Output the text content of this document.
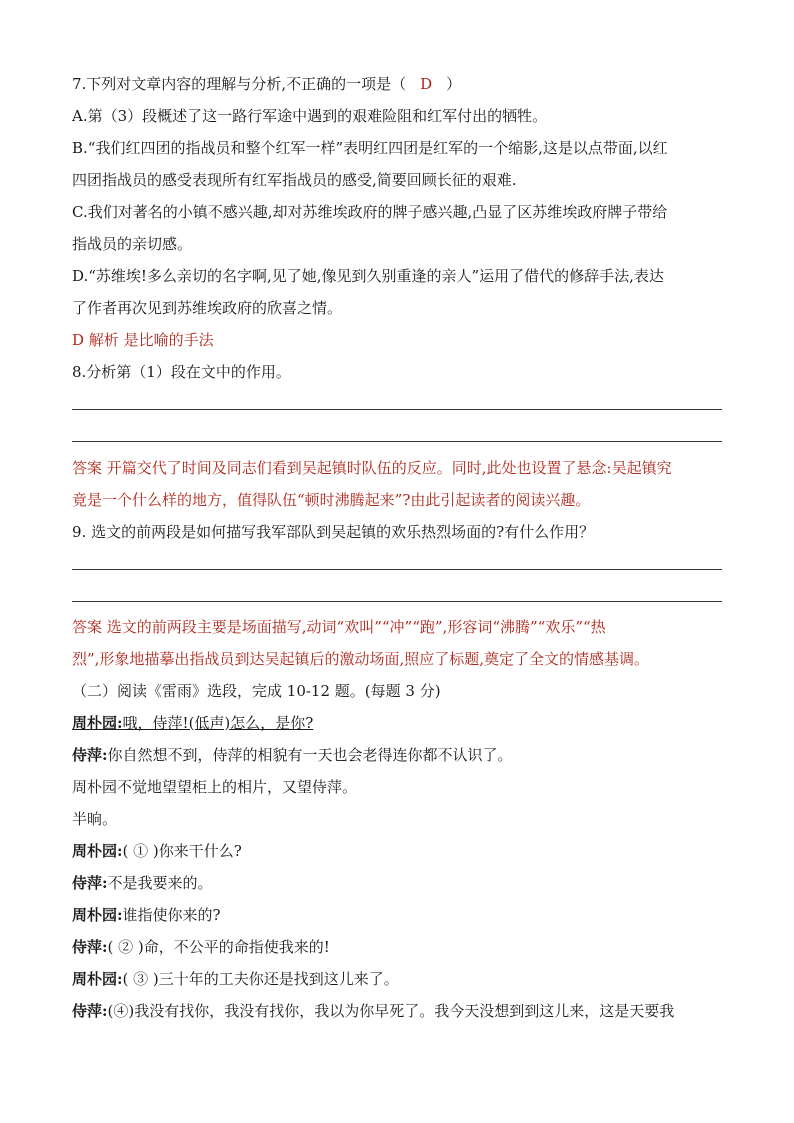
7.下列对文章内容的理解与分析,不正确的一项是（ D ）
A.第（3）段概述了这一路行军途中遇到的艰难险阻和红军付出的牺牲。
B.“我们红四团的指战员和整个红军一样”表明红四团是红军的一个缩影,这是以点带面,以红
四团指战员的感受表现所有红军指战员的感受,简要回顾长征的艰难.
C.我们对著名的小镇不感兴趣,却对苏维埃政府的牌子感兴趣,凸显了区苏维埃政府牌子带给
指战员的亲切感。
D.“苏维埃!多么亲切的名字啊,见了她,像见到久别重逢的亲人”运用了借代的修辞手法,表达
了作者再次见到苏维埃政府的欣喜之情。
D 解析 是比喻的手法
8.分析第（1）段在文中的作用。
答案 开篇交代了时间及同志们看到吴起镇时队伍的反应。同时,此处也设置了悬念:吴起镇究
竟是一个什么样的地方，值得队伍“顿时沸腾起来”?由此引起读者的阅读兴趣。
9. 选文的前两段是如何描写我军部队到吴起镇的欢乐热烈场面的?有什么作用？
答案 选文的前两段主要是场面描写,动词“欢叫”“冲”“跑”,形容词“沸腾”“欢乐”“热
烈”,形象地描摹出指战员到达吴起镇后的激动场面,照应了标题,奠定了全文的情感基调。
（二）阅读《雷雨》选段，完成 10-12 题。(每题 3 分)
周朴园:哦，侍萍!(低声)怎么，是你?
侍萍:你自然想不到，侍萍的相貌有一天也会老得连你都不认识了。
周朴园不觉地望望柜上的相片，又望侍萍。
半晌。
周朴园:( ① )你来干什么?
侍萍:不是我要来的。
周朴园:谁指使你来的?
侍萍:( ② )命，不公平的命指使我来的!
周朴园:( ③ )三十年的工夫你还是找到这儿来了。
侍萍:(④)我没有找你，我没有找你，我以为你早死了。我今天没想到到这儿来，这是天要我
